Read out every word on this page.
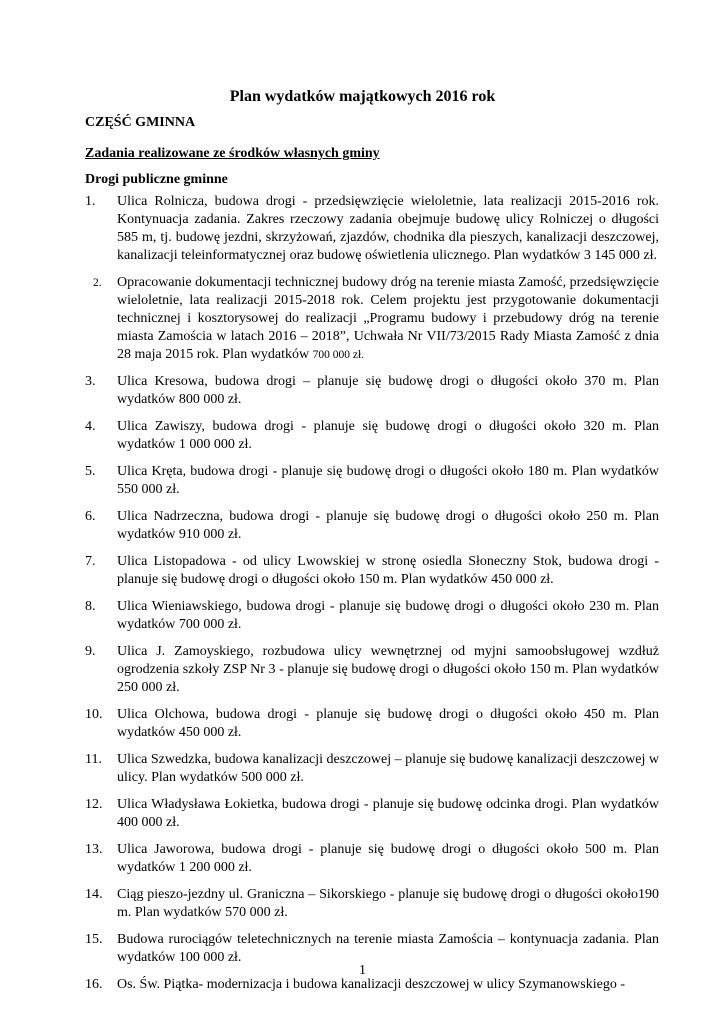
Plan wydatków majątkowych 2016 rok

CZĘŚĆ GMINNA

Zadania realizowane ze środków własnych gminy

Drogi publiczne gminne

1.	Ulica Rolnicza, budowa drogi - przedsięwzięcie wieloletnie, lata realizacji 2015-2016 rok. Kontynuacja zadania. Zakres rzeczowy zadania obejmuje budowę ulicy Rolniczej o długości 585 m, tj. budowę jezdni, skrzyżowań, zjazdów, chodnika dla pieszych, kanalizacji deszczowej, kanalizacji teleinformatycznej oraz budowę oświetlenia ulicznego. Plan wydatków 3 145 000 zł.
2.	Opracowanie dokumentacji technicznej budowy dróg na terenie miasta Zamość, przedsięwzięcie wieloletnie, lata realizacji 2015-2018 rok. Celem projektu jest przygotowanie dokumentacji technicznej i kosztorysowej do realizacji „Programu budowy i przebudowy dróg na terenie miasta Zamościa w latach 2016 – 2018”, Uchwała Nr VII/73/2015 Rady Miasta Zamość z dnia 28 maja 2015 rok. Plan wydatków 700 000 zł.
3.	Ulica Kresowa, budowa drogi – planuje się budowę drogi o długości około 370 m. Plan wydatków 800 000 zł.
4.	Ulica Zawiszy, budowa drogi - planuje się budowę drogi o długości około 320 m. Plan wydatków 1 000 000 zł.
5.	Ulica Kręta, budowa drogi - planuje się budowę drogi o długości około 180 m. Plan wydatków 550 000 zł.
6.	Ulica Nadrzeczna, budowa drogi - planuje się budowę drogi o długości około 250 m. Plan wydatków 910 000 zł.
7.	Ulica Listopadowa - od ulicy Lwowskiej w stronę osiedla Słoneczny Stok, budowa drogi - planuje się budowę drogi o długości około 150 m. Plan wydatków 450 000 zł.
8.	Ulica Wieniawskiego, budowa drogi - planuje się budowę drogi o długości około 230 m. Plan wydatków 700 000 zł.
9.	Ulica J. Zamoyskiego, rozbudowa ulicy wewnętrznej od myjni samoobsługowej wzdłuż ogrodzenia szkoły ZSP Nr 3 - planuje się budowę drogi o długości około 150 m. Plan wydatków 250 000 zł.
10.	Ulica Olchowa, budowa drogi - planuje się budowę drogi o długości około 450 m. Plan wydatków 450 000 zł.
11.	Ulica Szwedzka, budowa kanalizacji deszczowej – planuje się budowę kanalizacji deszczowej w ulicy. Plan wydatków 500 000 zł.
12.	Ulica Władysława Łokietka, budowa drogi - planuje się budowę odcinka drogi. Plan wydatków 400 000 zł.
13.	Ulica Jaworowa, budowa drogi - planuje się budowę drogi o długości około 500 m. Plan wydatków 1 200 000 zł.
14.	Ciąg pieszo-jezdny ul. Graniczna – Sikorskiego - planuje się budowę drogi o długości około190 m. Plan wydatków 570 000 zł.
15.	Budowa rurociągów teletechnicznych na terenie miasta Zamościa – kontynuacja zadania. Plan wydatków 100 000 zł.
16.	Os. Św. Piątka- modernizacja i budowa kanalizacji deszczowej w ulicy Szymanowskiego -

1
